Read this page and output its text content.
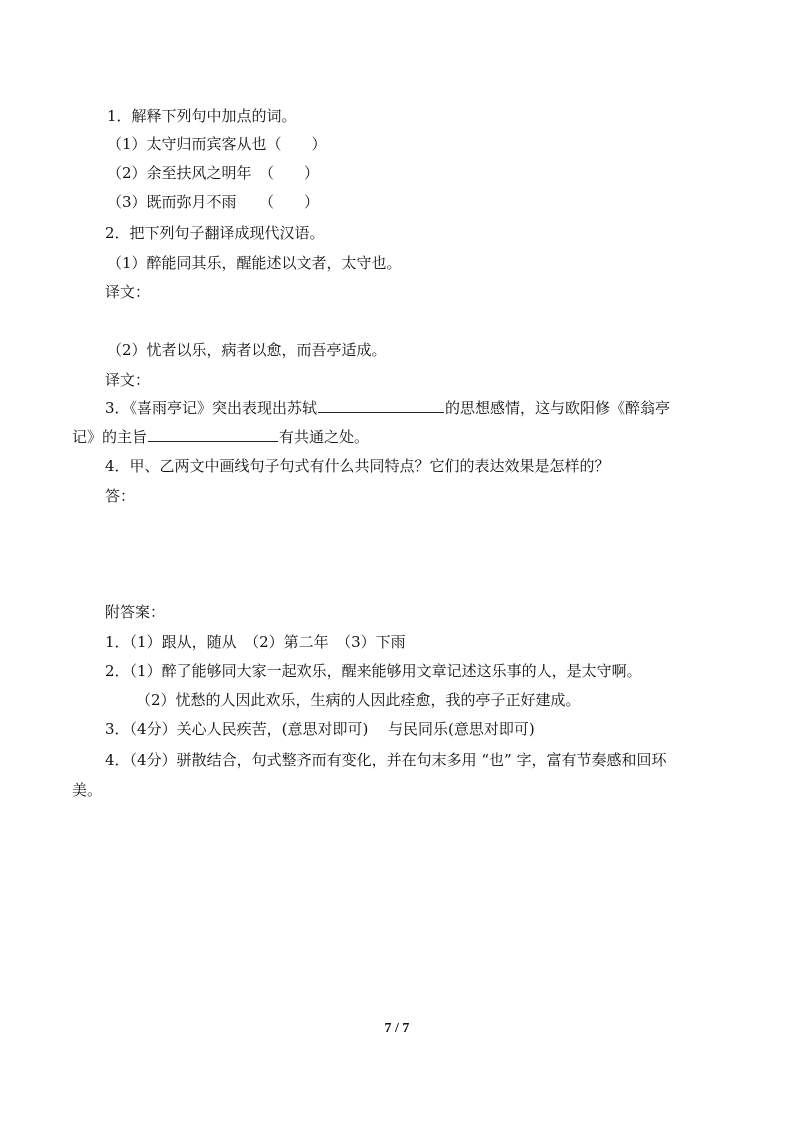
1．解释下列句中加点的词。
（1）太守归而宾客从也（　　）
（2）余至扶风之明年　（　　）
（3）既而弥月不雨　　（　　）
2．把下列句子翻译成现代汉语。
（1）醉能同其乐，醒能述以文者，太守也。
译文：
（2）忧者以乐，病者以愈，而吾亭适成。
译文：
3．《喜雨亭记》突出表现出苏轼	的思想感情，这与欧阳修《醉翁亭
记》的主旨	有共通之处。
4．甲、乙两文中画线句子句式有什么共同特点？它们的表达效果是怎样的？
答：
附答案：
1．（1）跟从，随从　（2）第二年　（3）下雨
2．（1）醉了能够同大家一起欢乐，醒来能够用文章记述这乐事的人，是太守啊。
（2）忧愁的人因此欢乐，生病的人因此痊愈，我的亭子正好建成。
3．（4分）关心人民疾苦，(意思对即可)　 与民同乐(意思对即可)
4．（4分）骈散结合，句式整齐而有变化，并在句末多用 “也” 字，富有节奏感和回环
美。
7 / 7
